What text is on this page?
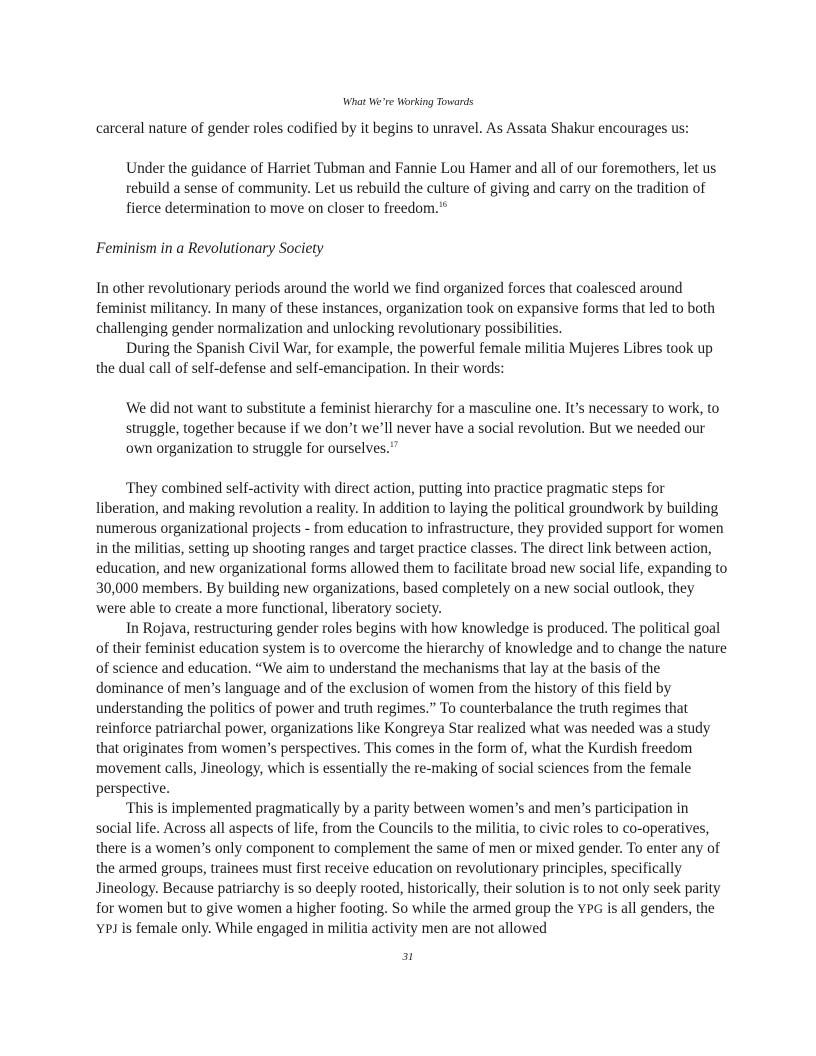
What We’re Working Towards

carceral nature of gender roles codified by it begins to unravel. As Assata Shakur encourages us:

Under the guidance of Harriet Tubman and Fannie Lou Hamer and all of our foremothers, let us rebuild a sense of community. Let us rebuild the culture of giving and carry on the tradition of fierce determination to move on closer to freedom.$^{16}$

Feminism in a Revolutionary Society

In other revolutionary periods around the world we find organized forces that coalesced around feminist militancy. In many of these instances, organization took on expansive forms that led to both challenging gender normalization and unlocking revolutionary possibilities.

During the Spanish Civil War, for example, the powerful female militia Mujeres Libres took up the dual call of self-defense and self-emancipation. In their words:

We did not want to substitute a feminist hierarchy for a masculine one. It’s necessary to work, to struggle, together because if we don’t we’ll never have a social revolution. But we needed our own organization to struggle for ourselves.$^{17}$

They combined self-activity with direct action, putting into practice pragmatic steps for liberation, and making revolution a reality. In addition to laying the political groundwork by building numerous organizational projects - from education to infrastructure, they provided support for women in the militias, setting up shooting ranges and target practice classes. The direct link between action, education, and new organizational forms allowed them to facilitate broad new social life, expanding to 30,000 members. By building new organizations, based completely on a new social outlook, they were able to create a more functional, liberatory society.

In Rojava, restructuring gender roles begins with how knowledge is produced. The political goal of their feminist education system is to overcome the hierarchy of knowledge and to change the nature of science and education. “We aim to understand the mechanisms that lay at the basis of the dominance of men’s language and of the exclusion of women from the history of this field by understanding the politics of power and truth regimes.” To counterbalance the truth regimes that reinforce patriarchal power, organizations like Kongreya Star realized what was needed was a study that originates from women’s perspectives. This comes in the form of, what the Kurdish freedom movement calls, Jineology, which is essentially the re-making of social sciences from the female perspective.

This is implemented pragmatically by a parity between women’s and men’s participation in social life. Across all aspects of life, from the Councils to the militia, to civic roles to co-operatives, there is a women’s only component to complement the same of men or mixed gender. To enter any of the armed groups, trainees must first receive education on revolutionary principles, specifically Jineology. Because patriarchy is so deeply rooted, historically, their solution is to not only seek parity for women but to give women a higher footing. So while the armed group the YPG is all genders, the YPJ is female only. While engaged in militia activity men are not allowed

31
